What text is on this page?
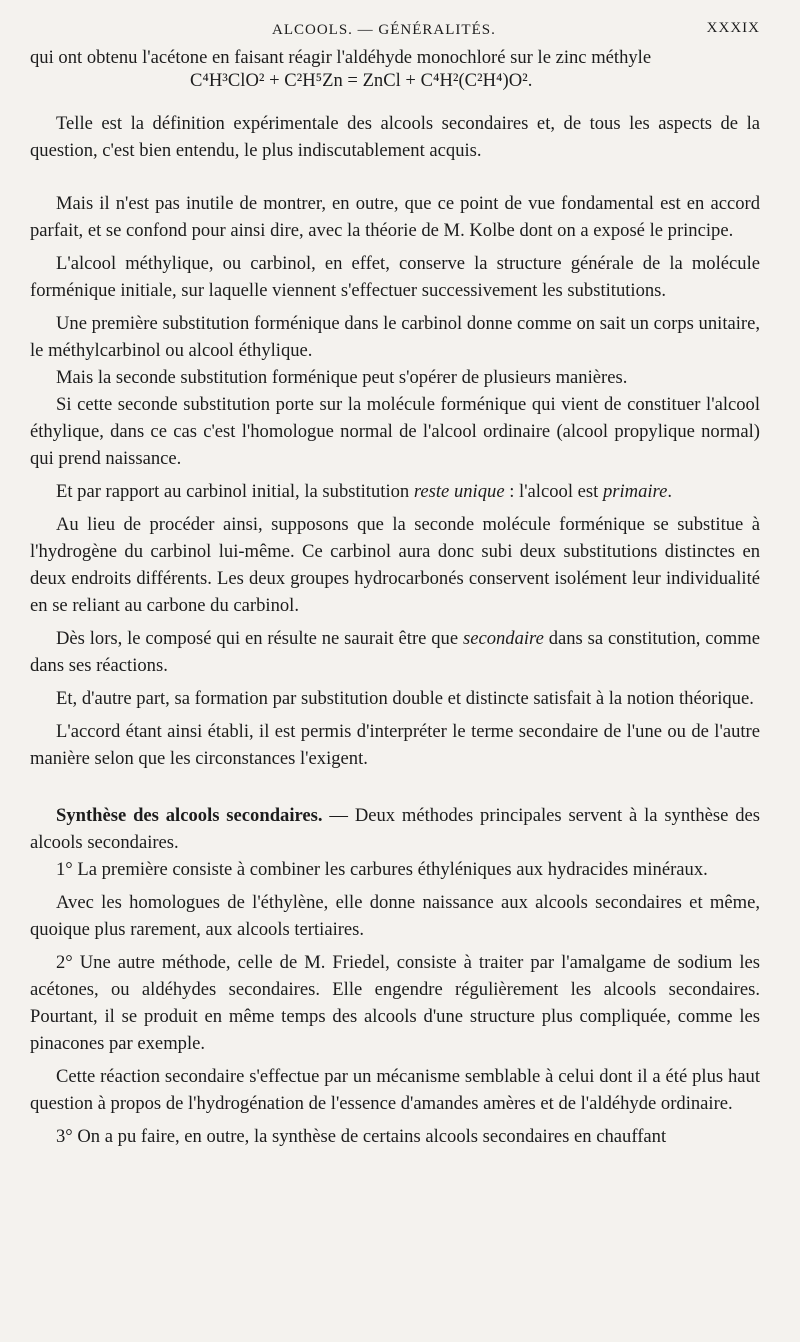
ALCOOLS. — GÉNÉRALITÉS.	XXXIX

qui ont obtenu l'acétone en faisant réagir l'aldéhyde monochloré sur le zinc méthyle

C⁴H³ClO² + C²H⁵Zn = ZnCl + C⁴H²(C²H⁴)O².

Telle est la définition expérimentale des alcools secondaires et, de tous les aspects de la question, c'est bien entendu, le plus indiscutablement acquis.

Mais il n'est pas inutile de montrer, en outre, que ce point de vue fondamental est en accord parfait, et se confond pour ainsi dire, avec la théorie de M. Kolbe dont on a exposé le principe.

L'alcool méthylique, ou carbinol, en effet, conserve la structure générale de la molécule forménique initiale, sur laquelle viennent s'effectuer successivement les substitutions.

Une première substitution forménique dans le carbinol donne comme on sait un corps unitaire, le méthylcarbinol ou alcool éthylique.

Mais la seconde substitution forménique peut s'opérer de plusieurs manières.

Si cette seconde substitution porte sur la molécule forménique qui vient de constituer l'alcool éthylique, dans ce cas c'est l'homologue normal de l'alcool ordinaire (alcool propylique normal) qui prend naissance.

Et par rapport au carbinol initial, la substitution reste unique : l'alcool est primaire.

Au lieu de procéder ainsi, supposons que la seconde molécule forménique se substitue à l'hydrogène du carbinol lui-même. Ce carbinol aura donc subi deux substitutions distinctes en deux endroits différents. Les deux groupes hydrocarbonés conservent isolément leur individualité en se reliant au carbone du carbinol.

Dès lors, le composé qui en résulte ne saurait être que secondaire dans sa constitution, comme dans ses réactions.

Et, d'autre part, sa formation par substitution double et distincte satisfait à la notion théorique.

L'accord étant ainsi établi, il est permis d'interpréter le terme secondaire de l'une ou de l'autre manière selon que les circonstances l'exigent.

Synthèse des alcools secondaires. — Deux méthodes principales servent à la synthèse des alcools secondaires.

1° La première consiste à combiner les carbures éthyléniques aux hydracides minéraux.

Avec les homologues de l'éthylène, elle donne naissance aux alcools secondaires et même, quoique plus rarement, aux alcools tertiaires.

2° Une autre méthode, celle de M. Friedel, consiste à traiter par l'amalgame de sodium les acétones, ou aldéhydes secondaires. Elle engendre régulièrement les alcools secondaires. Pourtant, il se produit en même temps des alcools d'une structure plus compliquée, comme les pinacones par exemple.

Cette réaction secondaire s'effectue par un mécanisme semblable à celui dont il a été plus haut question à propos de l'hydrogénation de l'essence d'amandes amères et de l'aldéhyde ordinaire.

3° On a pu faire, en outre, la synthèse de certains alcools secondaires en chauffant
